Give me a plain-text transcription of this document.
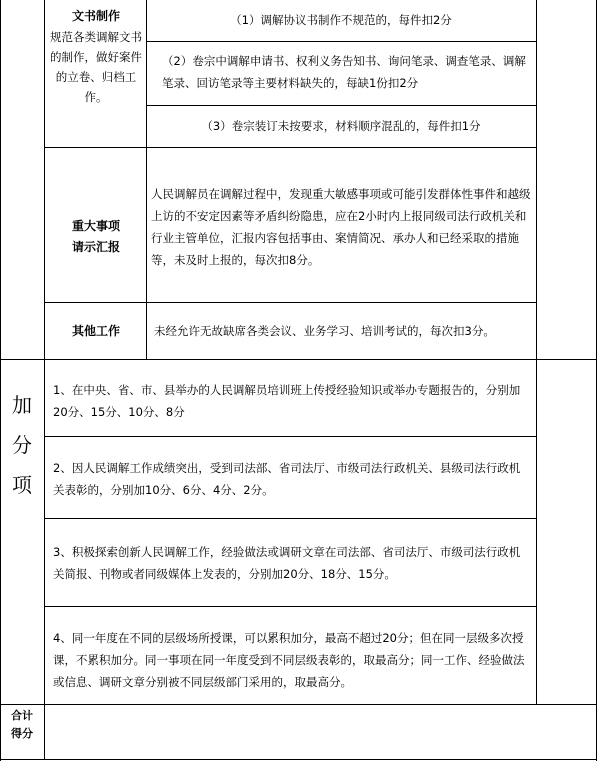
文书制作
规范各类调解文书的制作，做好案件的立卷、归档工作。
（1）调解协议书制作不规范的，每件扣2分
（2）卷宗中调解申请书、权利义务告知书、询问笔录、调查笔录、调解笔录、回访笔录等主要材料缺失的，每缺1份扣2分
（3）卷宗装订未按要求，材料顺序混乱的，每件扣1分
重大事项
请示汇报
人民调解员在调解过程中，发现重大敏感事项或可能引发群体性事件和越级上访的不安定因素等矛盾纠纷隐患，应在2小时内上报同级司法行政机关和行业主管单位，汇报内容包括事由、案情简况、承办人和已经采取的措施等，未及时上报的，每次扣8分。
其他工作	未经允许无故缺席各类会议、业务学习、培训考试的，每次扣3分。
加
分
项
1、在中央、省、市、县举办的人民调解员培训班上传授经验知识或举办专题报告的，分别加20分、15分、10分、8分
2、因人民调解工作成绩突出，受到司法部、省司法厅、市级司法行政机关、县级司法行政机关表彰的，分别加10分、6分、4分、2分。
3、积极探索创新人民调解工作，经验做法或调研文章在司法部、省司法厅、市级司法行政机关简报、刊物或者同级媒体上发表的，分别加20分、18分、15分。
4、同一年度在不同的层级场所授课，可以累积加分，最高不超过20分；但在同一层级多次授课，不累积加分。同一事项在同一年度受到不同层级表彰的，取最高分；同一工作、经验做法或信息、调研文章分别被不同层级部门采用的，取最高分。
合计
得分
